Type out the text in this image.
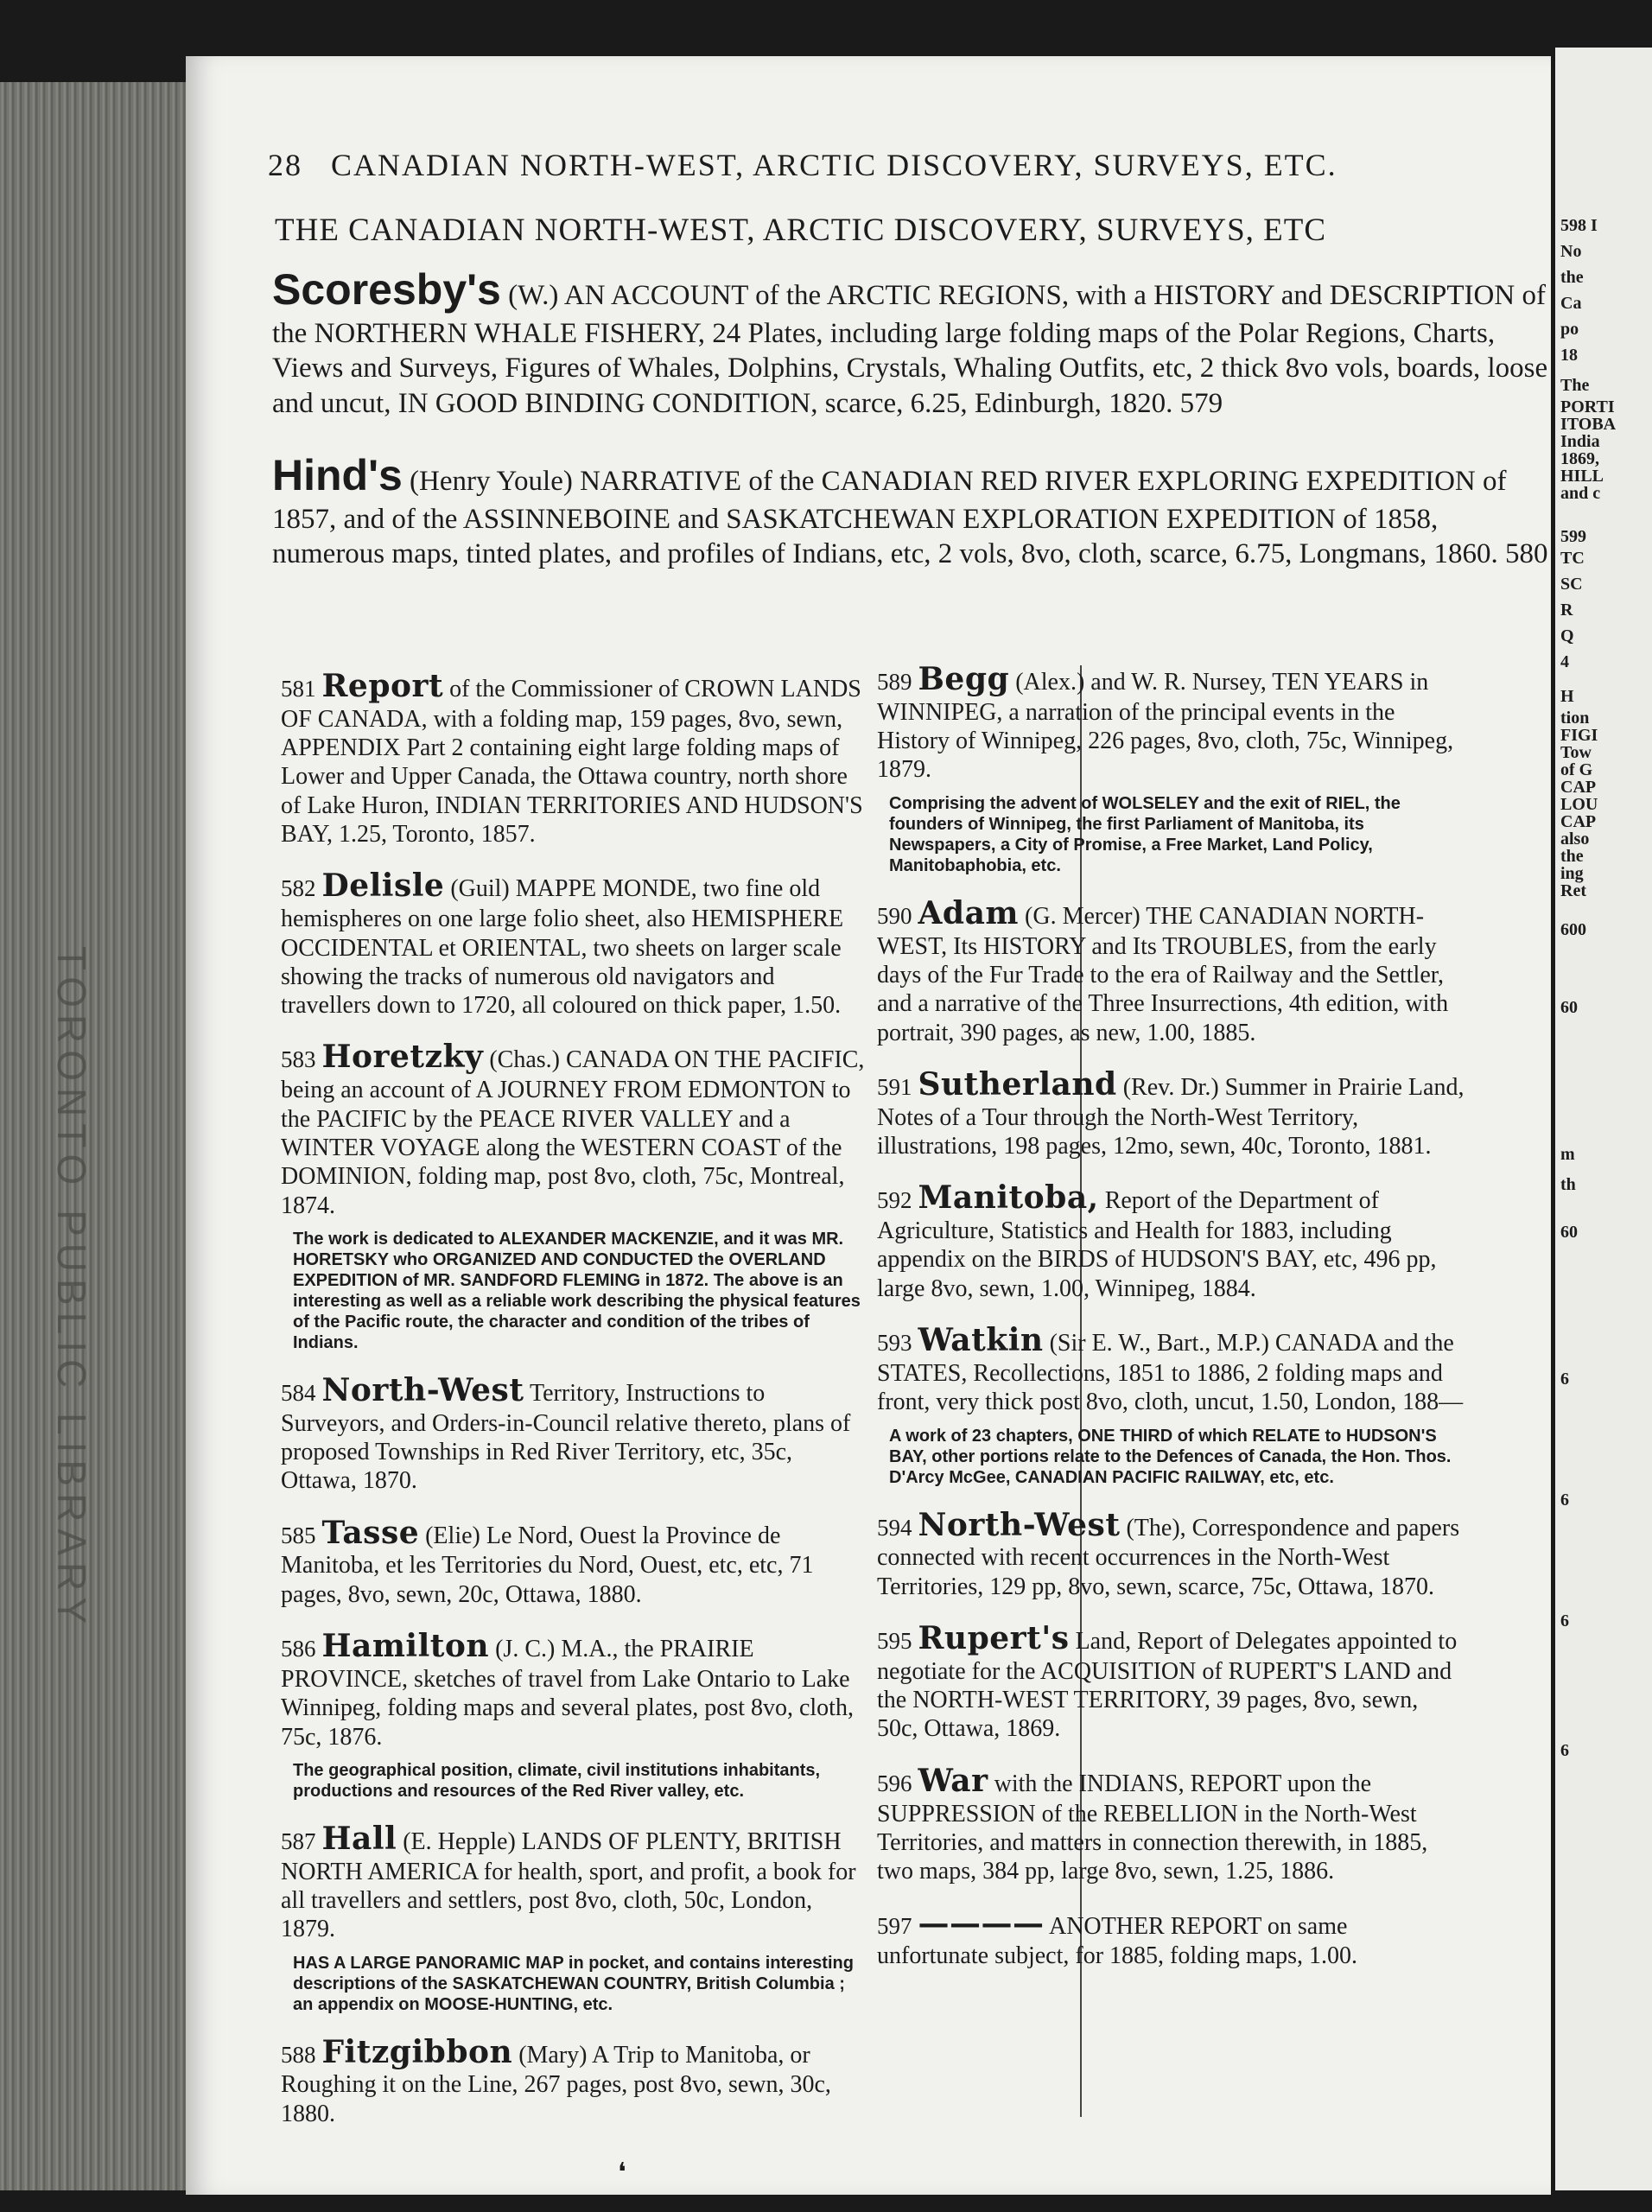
TORONTO PUBLIC LIBRARY
598 I
No
the
Ca
po
18
The
PORTI
ITOBA
India
1869,
HILL
and c
599
TC
SC
R
Q
4
H
tion
FIGI
Tow
of G
CAP
LOU
CAP
also
the
ing
Ret
600
60
m
th
60
6
6
6
6
28 CANADIAN NORTH-WEST, ARCTIC DISCOVERY, SURVEYS, ETC.
THE CANADIAN NORTH-WEST, ARCTIC DISCOVERY, SURVEYS, ETC
Scoresby's (W.) AN ACCOUNT of the ARCTIC REGIONS, with a HISTORY and DESCRIPTION of the NORTHERN WHALE FISHERY, 24 Plates, including large folding maps of the Polar Regions, Charts, Views and Surveys, Figures of Whales, Dolphins, Crystals, Whaling Outfits, etc, 2 thick 8vo vols, boards, loose and uncut, IN GOOD BINDING CONDITION, scarce, 6.25, Edinburgh, 1820. 579
Hind's (Henry Youle) NARRATIVE of the CANADIAN RED RIVER EXPLORING EXPEDITION of 1857, and of the ASSINNEBOINE and SASKATCHEWAN EXPLORATION EXPEDITION of 1858, numerous maps, tinted plates, and profiles of Indians, etc, 2 vols, 8vo, cloth, scarce, 6.75, Longmans, 1860. 580
581 Report of the Commissioner of CROWN LANDS OF CANADA, with a folding map, 159 pages, 8vo, sewn, APPENDIX Part 2 containing eight large folding maps of Lower and Upper Canada, the Ottawa country, north shore of Lake Huron, INDIAN TERRITORIES AND HUDSON'S BAY, 1.25, Toronto, 1857.
582 Delisle (Guil) MAPPE MONDE, two fine old hemispheres on one large folio sheet, also HEMISPHERE OCCIDENTAL et ORIENTAL, two sheets on larger scale showing the tracks of numerous old navigators and travellers down to 1720, all coloured on thick paper, 1.50.
583 Horetzky (Chas.) CANADA ON THE PACIFIC, being an account of A JOURNEY FROM EDMONTON to the PACIFIC by the PEACE RIVER VALLEY and a WINTER VOYAGE along the WESTERN COAST of the DOMINION, folding map, post 8vo, cloth, 75c, Montreal, 1874.
The work is dedicated to ALEXANDER MACKENZIE, and it was MR. HORETSKY who ORGANIZED AND CONDUCTED the OVERLAND EXPEDITION of MR. SANDFORD FLEMING in 1872. The above is an interesting as well as a reliable work describing the physical features of the Pacific route, the character and condition of the tribes of Indians.
584 North-West Territory, Instructions to Surveyors, and Orders-in-Council relative thereto, plans of proposed Townships in Red River Territory, etc, 35c, Ottawa, 1870.
585 Tasse (Elie) Le Nord, Ouest la Province de Manitoba, et les Territories du Nord, Ouest, etc, etc, 71 pages, 8vo, sewn, 20c, Ottawa, 1880.
586 Hamilton (J. C.) M.A., the PRAIRIE PROVINCE, sketches of travel from Lake Ontario to Lake Winnipeg, folding maps and several plates, post 8vo, cloth, 75c, 1876.
The geographical position, climate, civil institutions inhabitants, productions and resources of the Red River valley, etc.
587 Hall (E. Hepple) LANDS OF PLENTY, BRITISH NORTH AMERICA for health, sport, and profit, a book for all travellers and settlers, post 8vo, cloth, 50c, London, 1879.
HAS A LARGE PANORAMIC MAP in pocket, and contains interesting descriptions of the SASKATCHEWAN COUNTRY, British Columbia ; an appendix on MOOSE-HUNTING, etc.
588 Fitzgibbon (Mary) A Trip to Manitoba, or Roughing it on the Line, 267 pages, post 8vo, sewn, 30c, 1880.
589 Begg (Alex.) and W. R. Nursey, TEN YEARS in WINNIPEG, a narration of the principal events in the History of Winnipeg, 226 pages, 8vo, cloth, 75c, Winnipeg, 1879.
Comprising the advent of WOLSELEY and the exit of RIEL, the founders of Winnipeg, the first Parliament of Manitoba, its Newspapers, a City of Promise, a Free Market, Land Policy, Manitobaphobia, etc.
590 Adam (G. Mercer) THE CANADIAN NORTH-WEST, Its HISTORY and Its TROUBLES, from the early days of the Fur Trade to the era of Railway and the Settler, and a narrative of the Three Insurrections, 4th edition, with portrait, 390 pages, as new, 1.00, 1885.
591 Sutherland (Rev. Dr.) Summer in Prairie Land, Notes of a Tour through the North-West Territory, illustrations, 198 pages, 12mo, sewn, 40c, Toronto, 1881.
592 Manitoba, Report of the Department of Agriculture, Statistics and Health for 1883, including appendix on the BIRDS of HUDSON'S BAY, etc, 496 pp, large 8vo, sewn, 1.00, Winnipeg, 1884.
593 Watkin (Sir E. W., Bart., M.P.) CANADA and the STATES, Recollections, 1851 to 1886, 2 folding maps and front, very thick post 8vo, cloth, uncut, 1.50, London, 188—
A work of 23 chapters, ONE THIRD of which RELATE to HUDSON'S BAY, other portions relate to the Defences of Canada, the Hon. Thos. D'Arcy McGee, CANADIAN PACIFIC RAILWAY, etc, etc.
594 North-West (The), Correspondence and papers connected with recent occurrences in the North-West Territories, 129 pp, 8vo, sewn, scarce, 75c, Ottawa, 1870.
595 Rupert's Land, Report of Delegates appointed to negotiate for the ACQUISITION of RUPERT'S LAND and the NORTH-WEST TERRITORY, 39 pages, 8vo, sewn, 50c, Ottawa, 1869.
596 War with the INDIANS, REPORT upon the SUPPRESSION of the REBELLION in the North-West Territories, and matters in connection therewith, in 1885, two maps, 384 pp, large 8vo, sewn, 1.25, 1886.
597 ———— ANOTHER REPORT on same unfortunate subject, for 1885, folding maps, 1.00.
❛
